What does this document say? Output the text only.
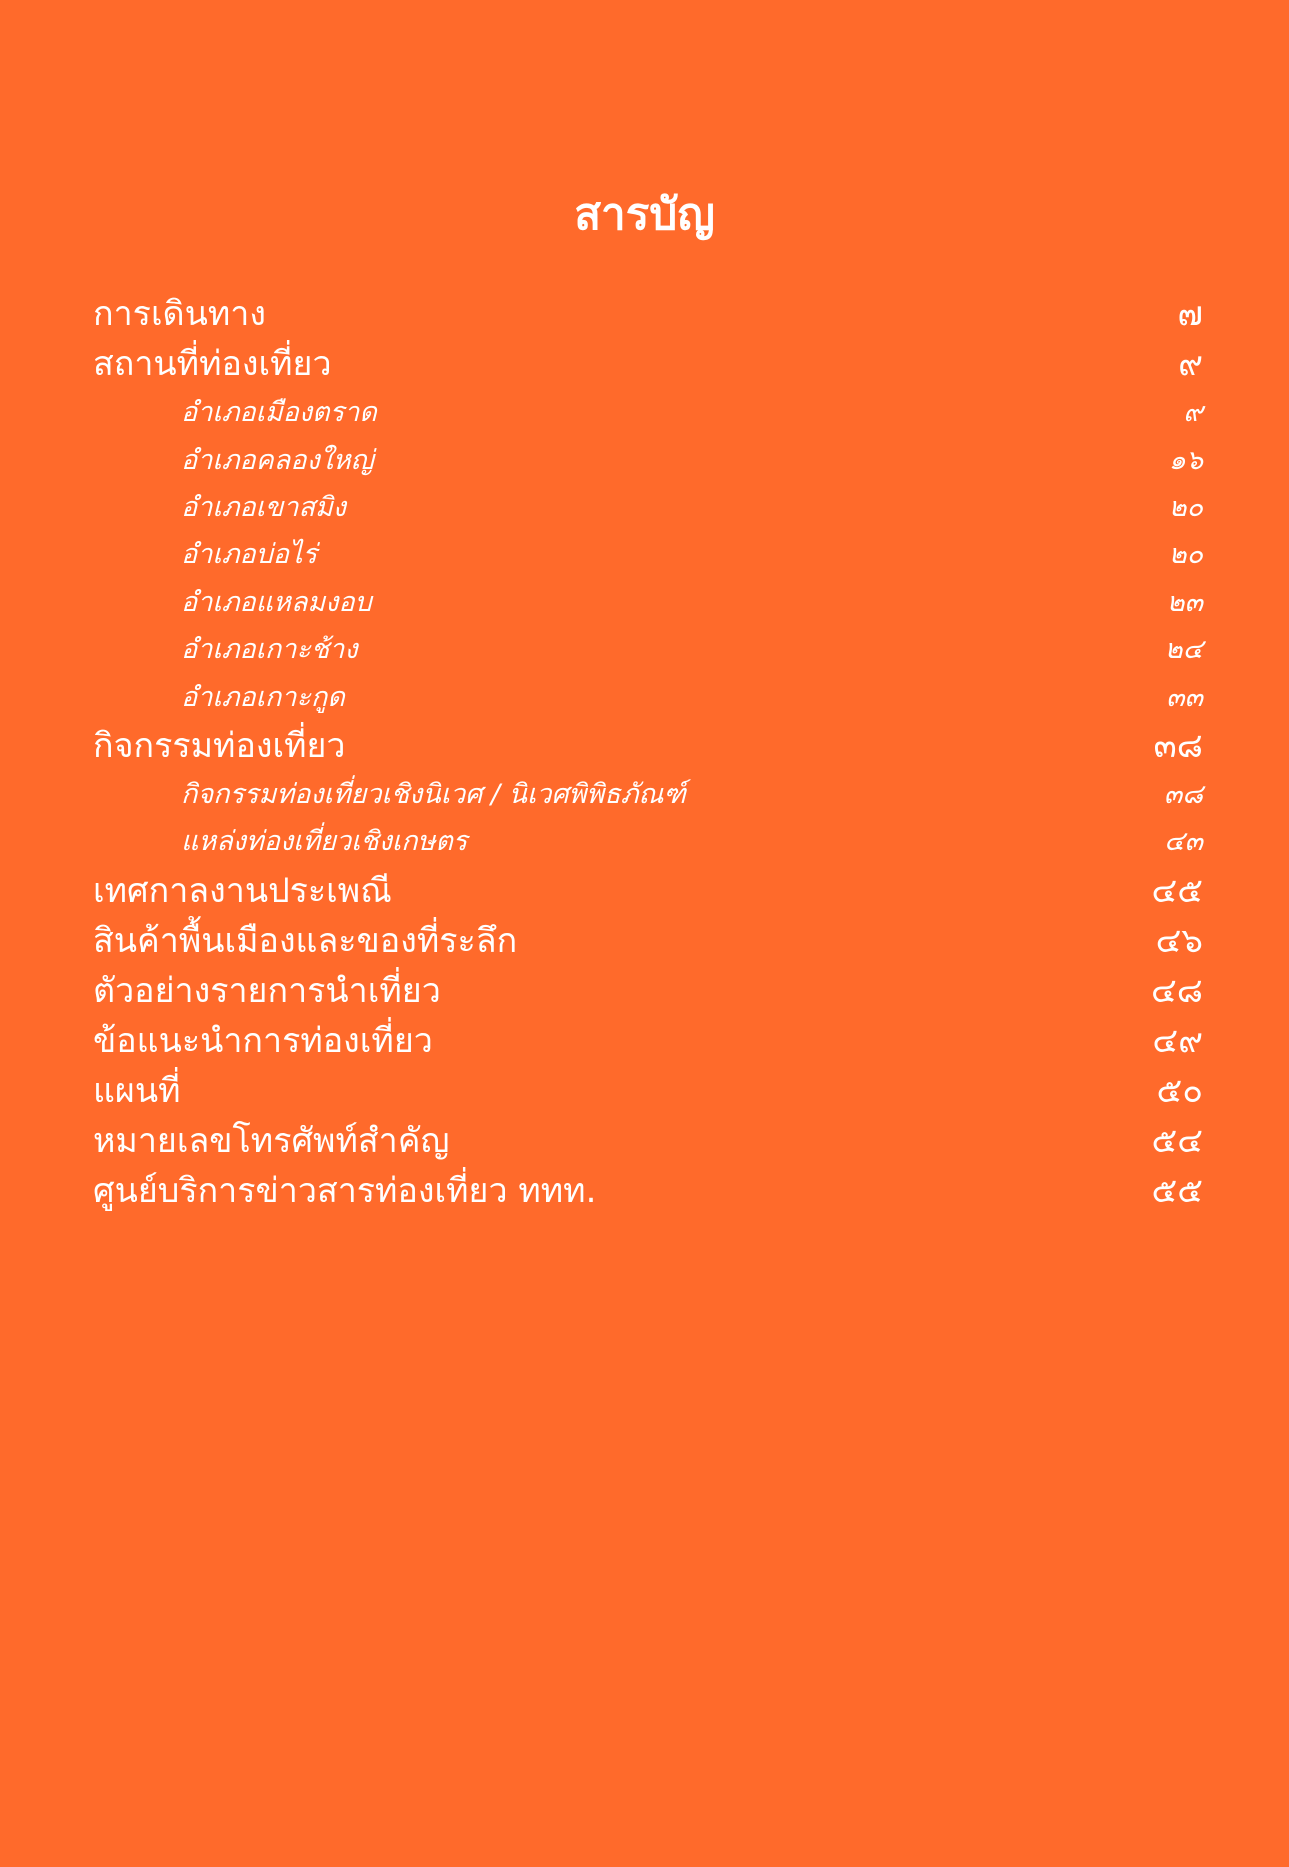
สารบัญ
การเดินทาง	๗
สถานที่ท่องเที่ยว	๙
อำเภอเมืองตราด	๙
อำเภอคลองใหญ่	๑๖
อำเภอเขาสมิง	๒๐
อำเภอบ่อไร่	๒๐
อำเภอแหลมงอบ	๒๓
อำเภอเกาะช้าง	๒๔
อำเภอเกาะกูด	๓๓
กิจกรรมท่องเที่ยว	๓๘
กิจกรรมท่องเที่ยวเชิงนิเวศ / นิเวศพิพิธภัณฑ์	๓๘
แหล่งท่องเที่ยวเชิงเกษตร	๔๓
เทศกาลงานประเพณี	๔๕
สินค้าพื้นเมืองและของที่ระลึก	๔๖
ตัวอย่างรายการนำเที่ยว	๔๘
ข้อแนะนำการท่องเที่ยว	๔๙
แผนที่	๕๐
หมายเลขโทรศัพท์สำคัญ	๕๔
ศูนย์บริการข่าวสารท่องเที่ยว ททท.	๕๕
